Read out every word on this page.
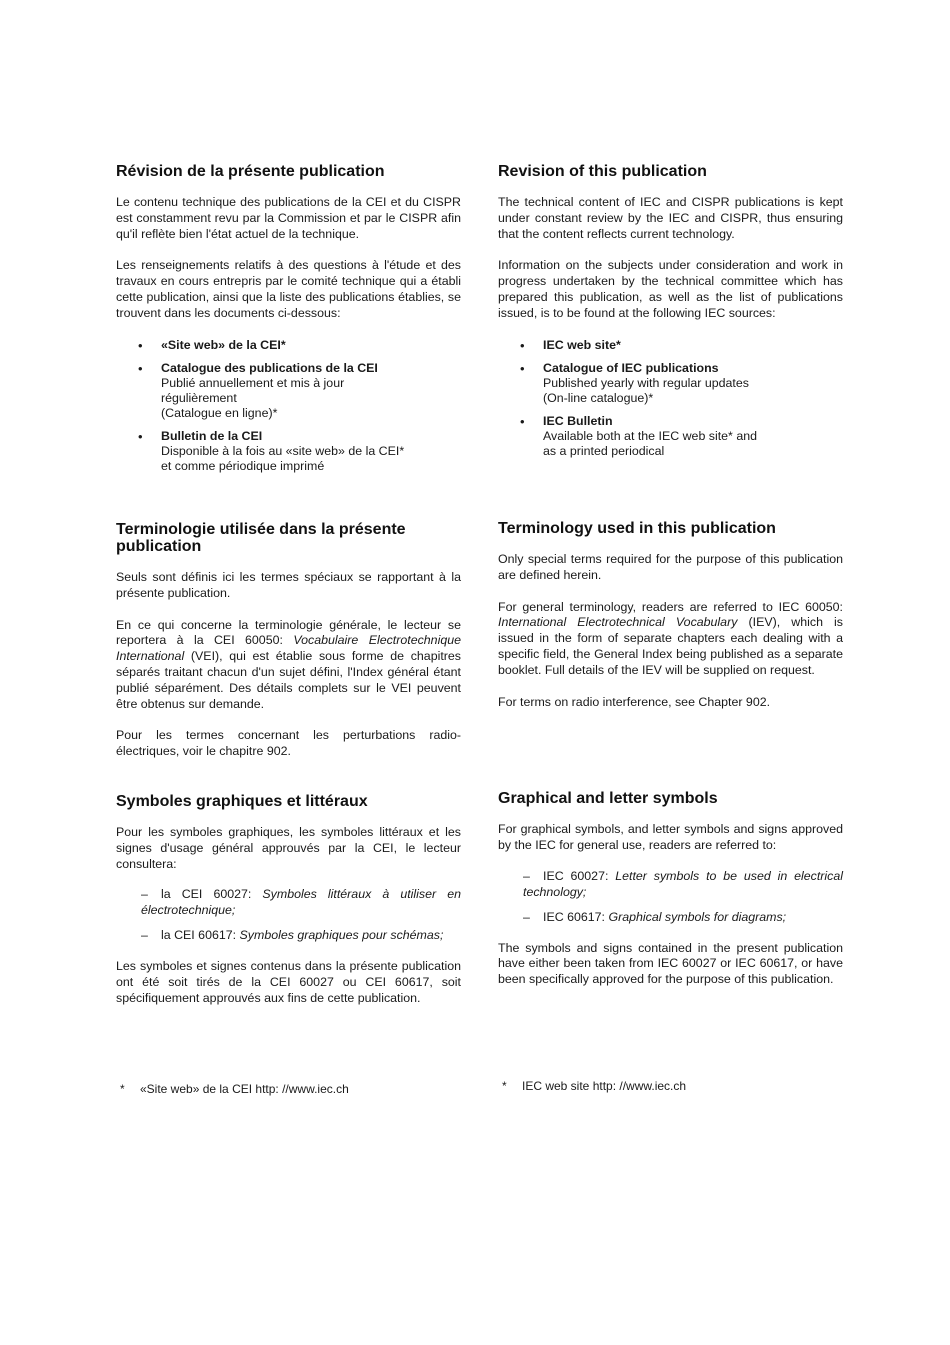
Révision de la présente publication

Le contenu technique des publications de la CEI et du CISPR est constamment revu par la Commission et par le CISPR afin qu'il reflète bien l'état actuel de la technique.

Les renseignements relatifs à des questions à l'étude et des travaux en cours entrepris par le comité technique qui a établi cette publication, ainsi que la liste des publications établies, se trouvent dans les documents ci-dessous:

• «Site web» de la CEI*
• Catalogue des publications de la CEI
Publié annuellement et mis à jour
régulièrement
(Catalogue en ligne)*
• Bulletin de la CEI
Disponible à la fois au «site web» de la CEI*
et comme périodique imprimé
Terminologie utilisée dans la présente publication

Seuls sont définis ici les termes spéciaux se rapportant à la présente publication.

En ce qui concerne la terminologie générale, le lecteur se reportera à la CEI 60050: Vocabulaire Electrotechnique International (VEI), qui est établie sous forme de chapitres séparés traitant chacun d'un sujet défini, l'Index général étant publié séparément. Des détails complets sur le VEI peuvent être obtenus sur demande.

Pour les termes concernant les perturbations radio-électriques, voir le chapitre 902.

Symboles graphiques et littéraux

Pour les symboles graphiques, les symboles littéraux et les signes d'usage général approuvés par la CEI, le lecteur consultera:

– la CEI 60027: Symboles littéraux à utiliser en électrotechnique;
– la CEI 60617: Symboles graphiques pour schémas;

Les symboles et signes contenus dans la présente publication ont été soit tirés de la CEI 60027 ou CEI 60617, soit spécifiquement approuvés aux fins de cette publication.

* «Site web» de la CEI http: //www.iec.ch
Revision of this publication

The technical content of IEC and CISPR publications is kept under constant review by the IEC and CISPR, thus ensuring that the content reflects current technology.

Information on the subjects under consideration and work in progress undertaken by the technical committee which has prepared this publication, as well as the list of publications issued, is to be found at the following IEC sources:

• IEC web site*
• Catalogue of IEC publications
Published yearly with regular updates
(On-line catalogue)*
• IEC Bulletin
Available both at the IEC web site* and
as a printed periodical
Terminology used in this publication

Only special terms required for the purpose of this publication are defined herein.

For general terminology, readers are referred to IEC 60050: International Electrotechnical Vocabulary (IEV), which is issued in the form of separate chapters each dealing with a specific field, the General Index being published as a separate booklet. Full details of the IEV will be supplied on request.

For terms on radio interference, see Chapter 902.

Graphical and letter symbols

For graphical symbols, and letter symbols and signs approved by the IEC for general use, readers are referred to:

– IEC 60027: Letter symbols to be used in electrical technology;
– IEC 60617: Graphical symbols for diagrams;

The symbols and signs contained in the present publication have either been taken from IEC 60027 or IEC 60617, or have been specifically approved for the purpose of this publication.

* IEC web site http: //www.iec.ch
